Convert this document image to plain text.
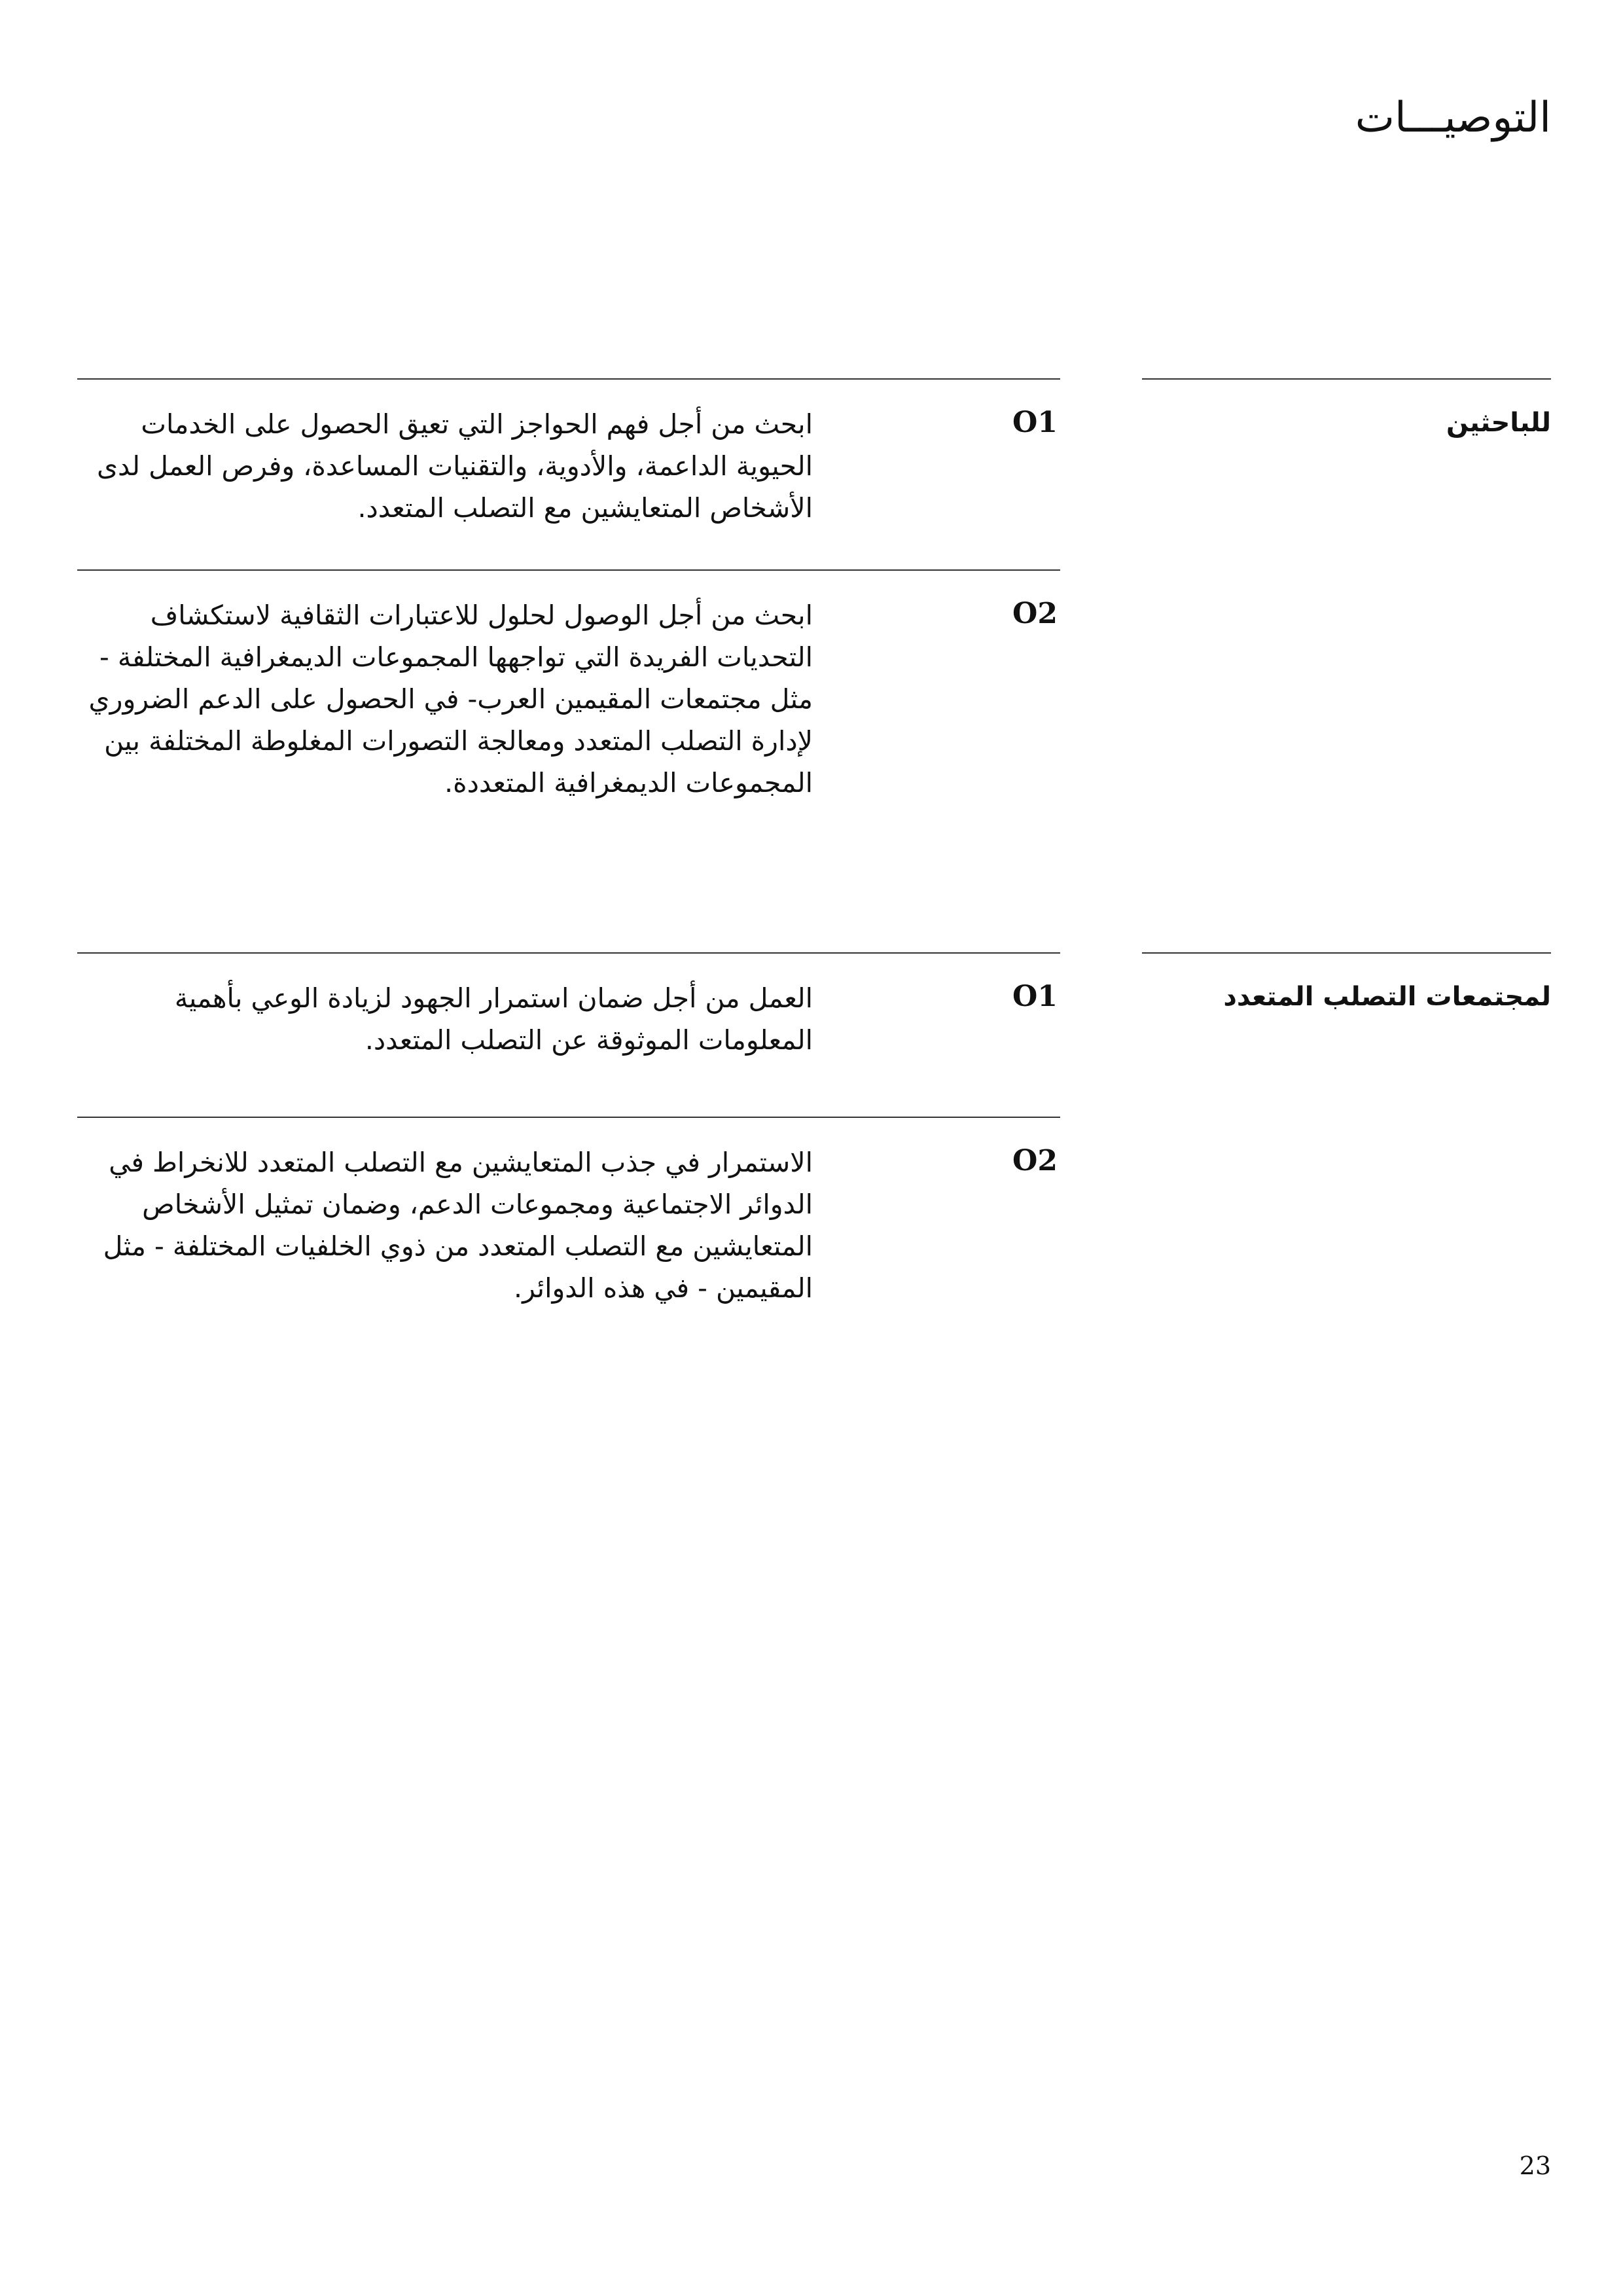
التوصيـــات
للباحثين
O1

ابحث من أجل فهم الحواجز التي تعيق الحصول على الخدمات الحيوية الداعمة، والأدوية، والتقنيات المساعدة، وفرص العمل لدى الأشخاص المتعايشين مع التصلب المتعدد.

O2

ابحث من أجل الوصول لحلول للاعتبارات الثقافية لاستكشاف التحديات الفريدة التي تواجهها المجموعات الديمغرافية المختلفة - مثل مجتمعات المقيمين العرب- في الحصول على الدعم الضروري لإدارة التصلب المتعدد ومعالجة التصورات المغلوطة المختلفة بين المجموعات الديمغرافية المتعددة.

لمجتمعات التصلب المتعدد
O1

العمل من أجل ضمان استمرار الجهود لزيادة الوعي بأهمية المعلومات الموثوقة عن التصلب المتعدد.

O2

الاستمرار في جذب المتعايشين مع التصلب المتعدد للانخراط في الدوائر الاجتماعية ومجموعات الدعم، وضمان تمثيل الأشخاص المتعايشين مع التصلب المتعدد من ذوي الخلفيات المختلفة - مثل المقيمين - في هذه الدوائر.

23
